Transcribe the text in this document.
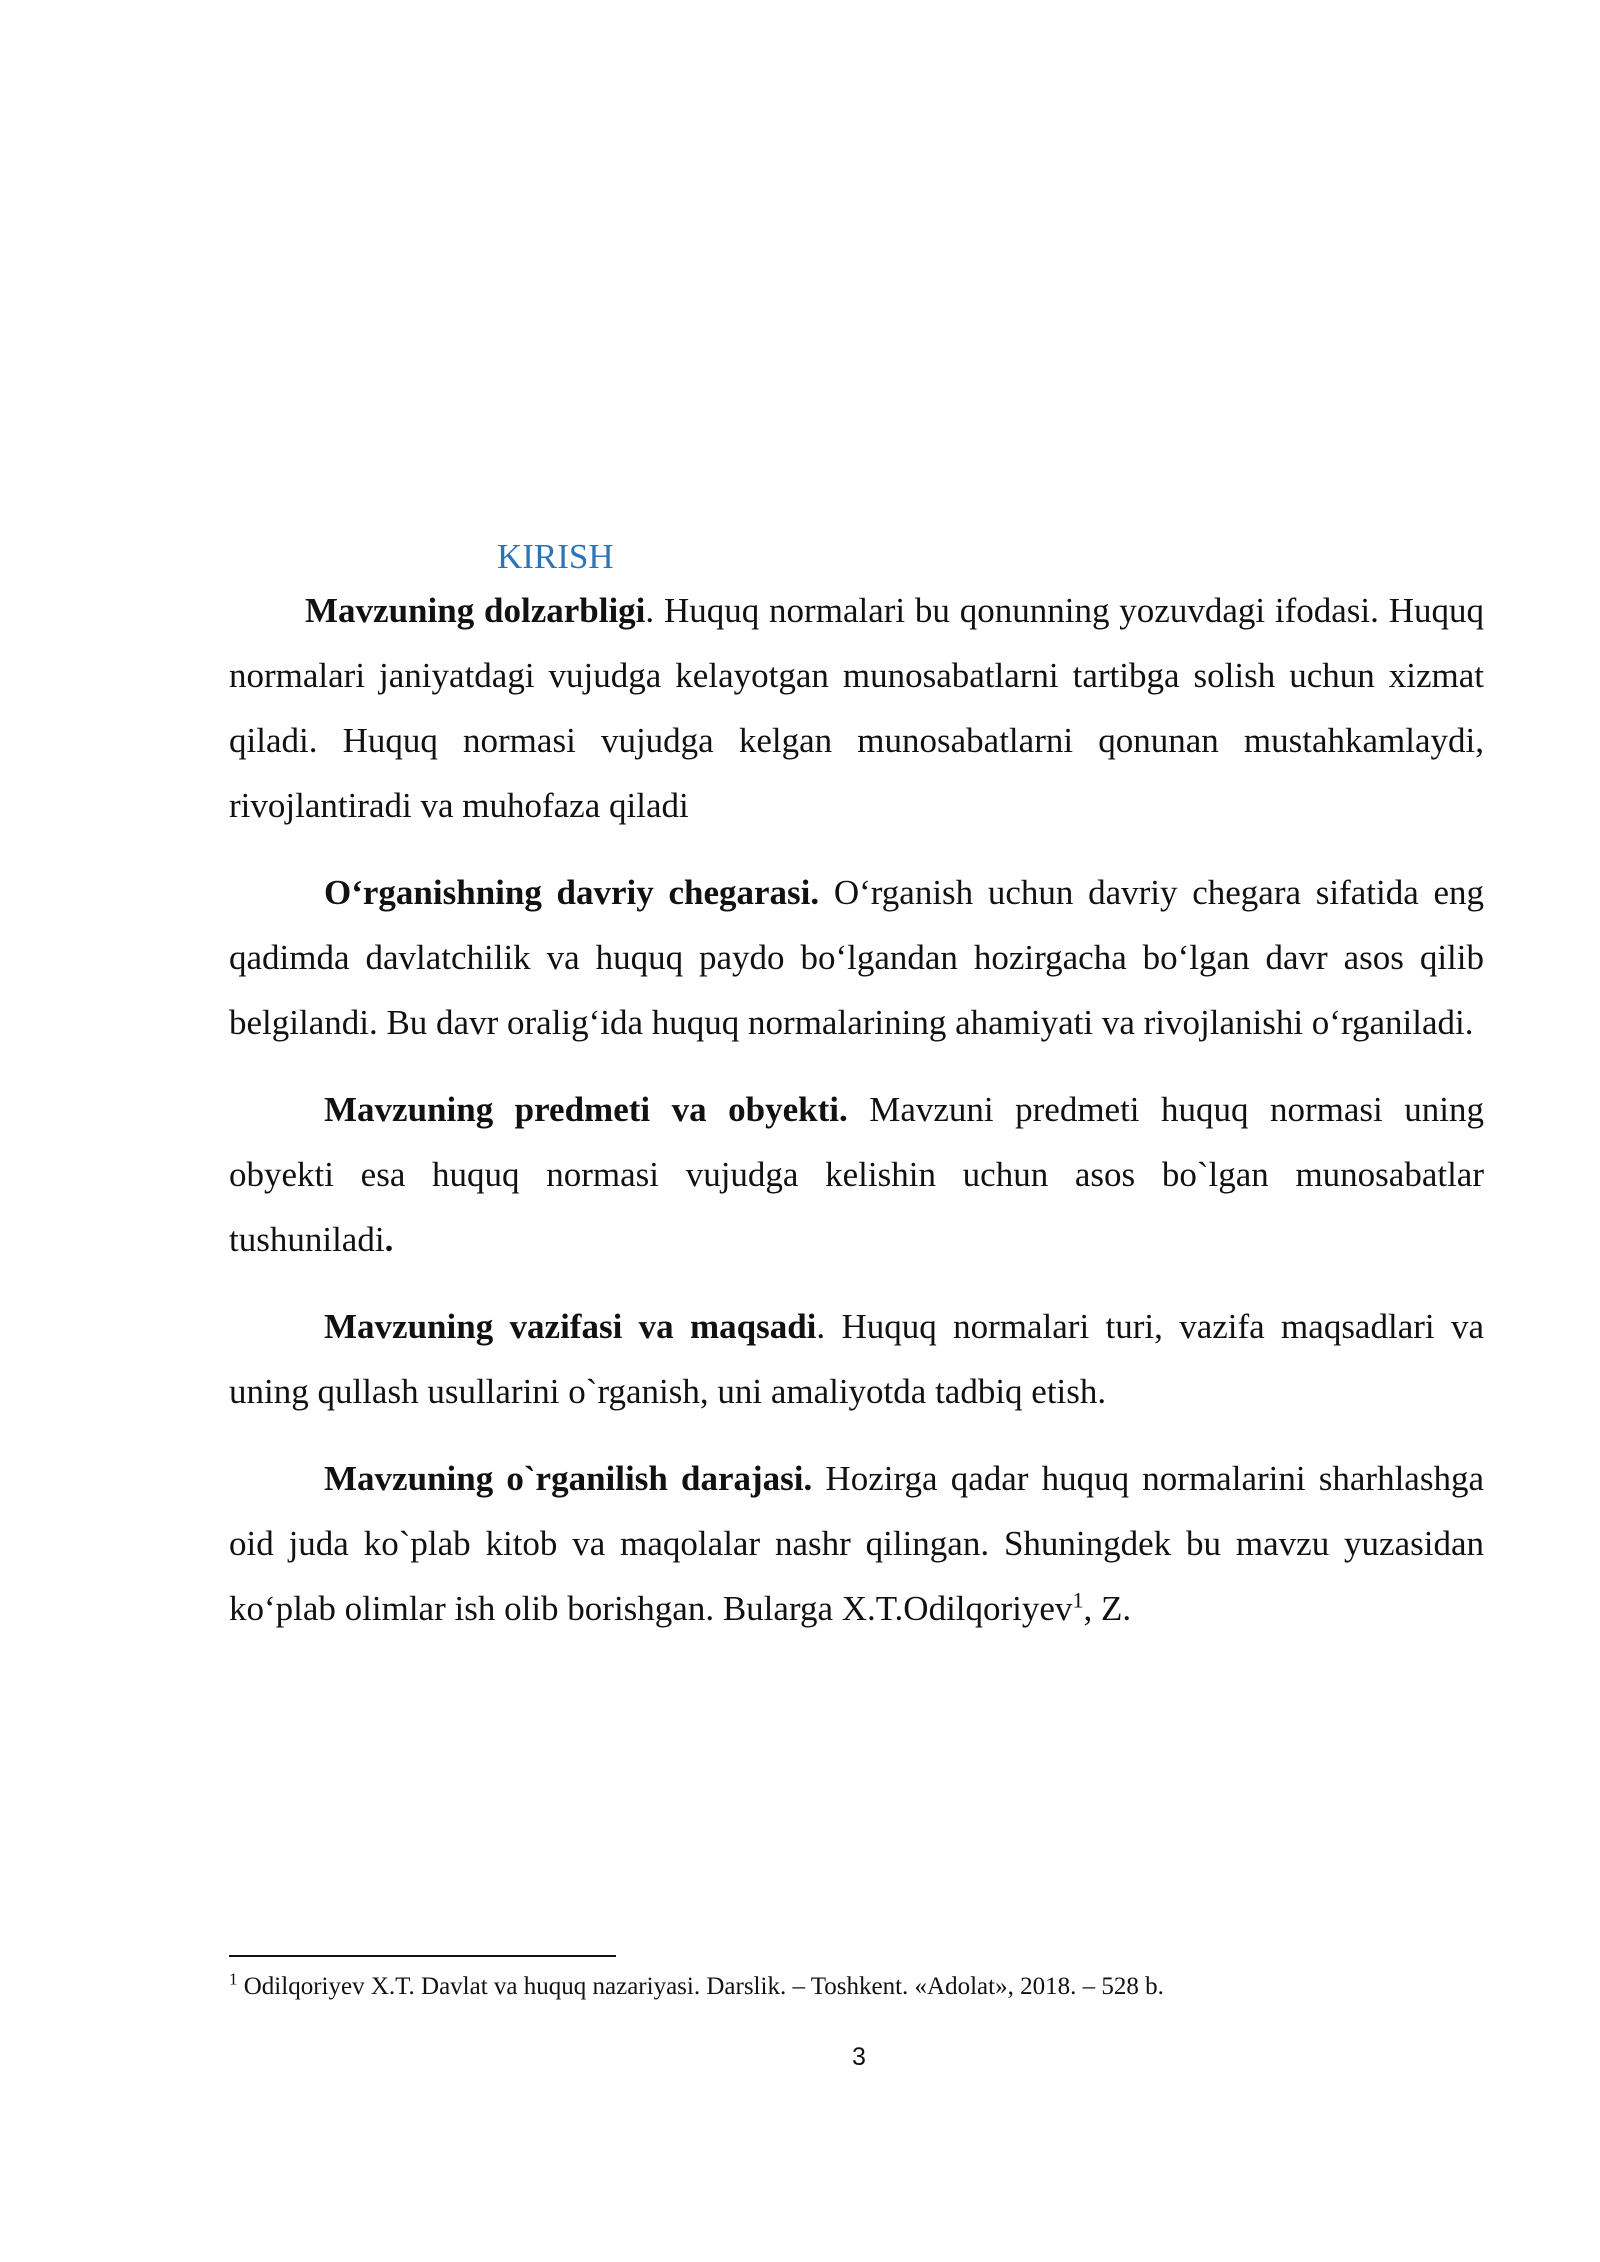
KIRISH

Mavzuning dolzarbligi. Huquq normalari bu qonunning yozuvdagi ifodasi. Huquq normalari janiyatdagi vujudga kelayotgan munosabatlarni tartibga solish uchun xizmat qiladi. Huquq normasi vujudga kelgan munosabatlarni qonunan mustahkamlaydi, rivojlantiradi va muhofaza qiladi

O‘rganishning davriy chegarasi. O‘rganish uchun davriy chegara sifatida eng qadimda davlatchilik va huquq paydo bo‘lgandan hozirgacha bo‘lgan davr asos qilib belgilandi. Bu davr oralig‘ida huquq normalarining ahamiyati va rivojlanishi o‘rganiladi.

Mavzuning predmeti va obyekti. Mavzuni predmeti huquq normasi uning obyekti esa huquq normasi vujudga kelishin uchun asos bo`lgan munosabatlar tushuniladi.

Mavzuning vazifasi va maqsadi. Huquq normalari turi, vazifa maqsadlari va uning qullash usullarini o`rganish, uni amaliyotda tadbiq etish.

Mavzuning o`rganilish darajasi. Hozirga qadar huquq normalarini sharhlashga oid juda ko`plab kitob va maqolalar nashr qilingan. Shuningdek bu mavzu yuzasidan ko‘plab olimlar ish olib borishgan. Bularga X.T.Odilqoriyev$^1$, Z.

$^1$ Odilqoriyev X.T. Davlat va huquq nazariyasi. Darslik. – Toshkent. «Adolat», 2018. – 528 b.

3
